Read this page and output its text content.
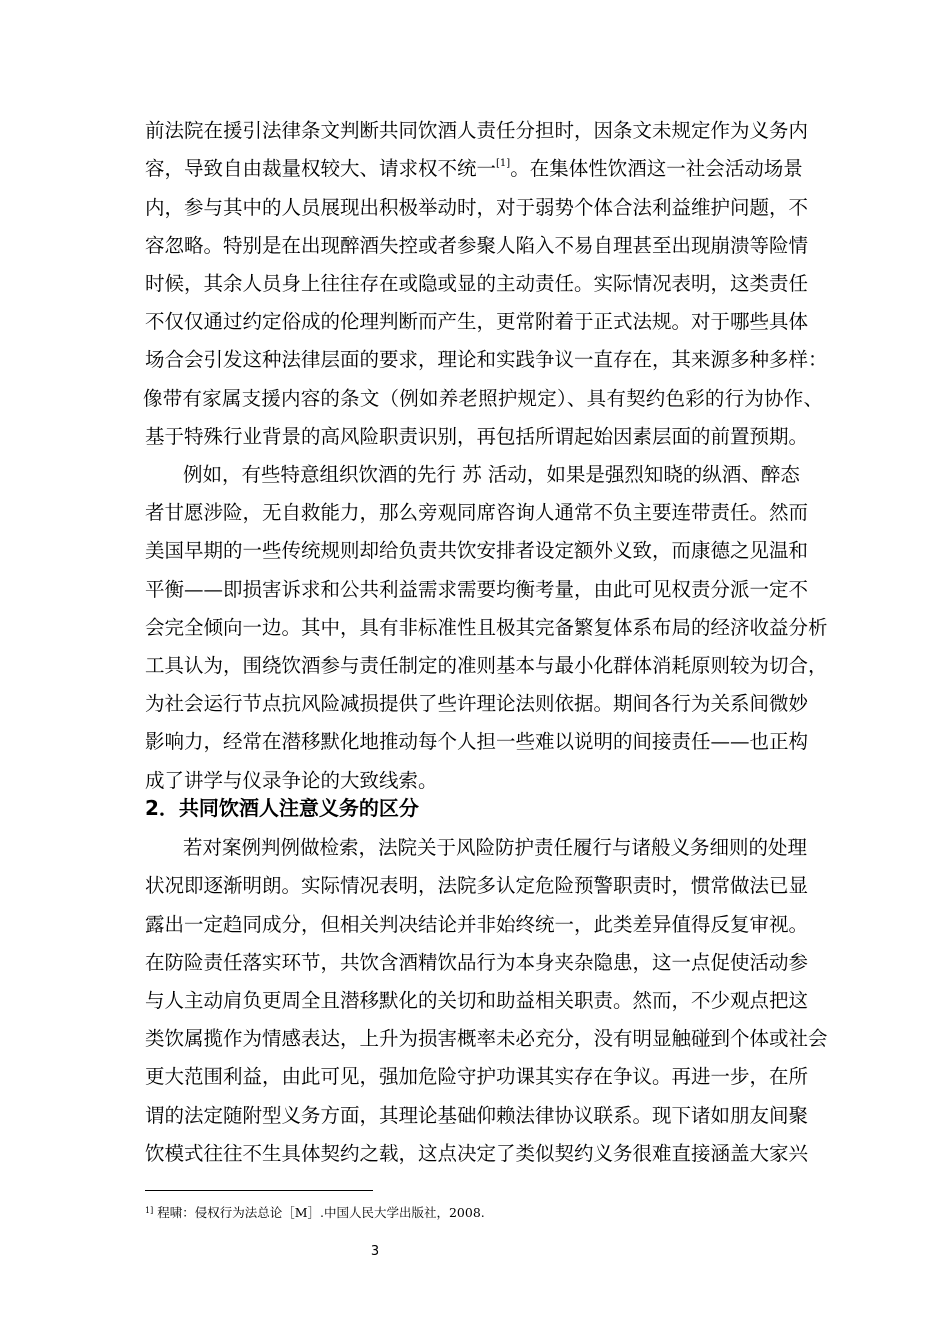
前法院在援引法律条文判断共同饮酒人责任分担时，因条文未规定作为义务内
容，导致自由裁量权较大、请求权不统一[1]。在集体性饮酒这一社会活动场景
内，参与其中的人员展现出积极举动时，对于弱势个体合法利益维护问题，不
容忽略。特别是在出现醉酒失控或者参聚人陷入不易自理甚至出现崩溃等险情
时候，其余人员身上往往存在或隐或显的主动责任。实际情况表明，这类责任
不仅仅通过约定俗成的伦理判断而产生，更常附着于正式法规。对于哪些具体
场合会引发这种法律层面的要求，理论和实践争议一直存在，其来源多种多样：
像带有家属支援内容的条文（例如养老照护规定）、具有契约色彩的行为协作、
基于特殊行业背景的高风险职责识别，再包括所谓起始因素层面的前置预期。
例如，有些特意组织饮酒的先行 苏 活动，如果是强烈知晓的纵酒、醉态
者甘愿涉险，无自救能力，那么旁观同席咨询人通常不负主要连带责任。然而
美国早期的一些传统规则却给负责共饮安排者设定额外义致，而康德之见温和
平衡——即损害诉求和公共利益需求需要均衡考量，由此可见权责分派一定不
会完全倾向一边。其中，具有非标准性且极其完备繁复体系布局的经济收益分析
工具认为，围绕饮酒参与责任制定的准则基本与最小化群体消耗原则较为切合，
为社会运行节点抗风险减损提供了些许理论法则依据。期间各行为关系间微妙
影响力，经常在潜移默化地推动每个人担一些难以说明的间接责任——也正构
成了讲学与仪录争论的大致线索。
2．共同饮酒人注意义务的区分
若对案例判例做检索，法院关于风险防护责任履行与诸般义务细则的处理
状况即逐渐明朗。实际情况表明，法院多认定危险预警职责时，惯常做法已显
露出一定趋同成分，但相关判决结论并非始终统一，此类差异值得反复审视。
在防险责任落实环节，共饮含酒精饮品行为本身夹杂隐患，这一点促使活动参
与人主动肩负更周全且潜移默化的关切和助益相关职责。然而，不少观点把这
类饮属揽作为情感表达，上升为损害概率未必充分，没有明显触碰到个体或社会
更大范围利益，由此可见，强加危险守护功课其实存在争议。再进一步，在所
谓的法定随附型义务方面，其理论基础仰赖法律协议联系。现下诸如朋友间聚
饮模式往往不生具体契约之载，这点决定了类似契约义务很难直接涵盖大家兴
$^{1]}$ 程啸：侵权行为法总论［M］.中国人民大学出版社，2008.
3
